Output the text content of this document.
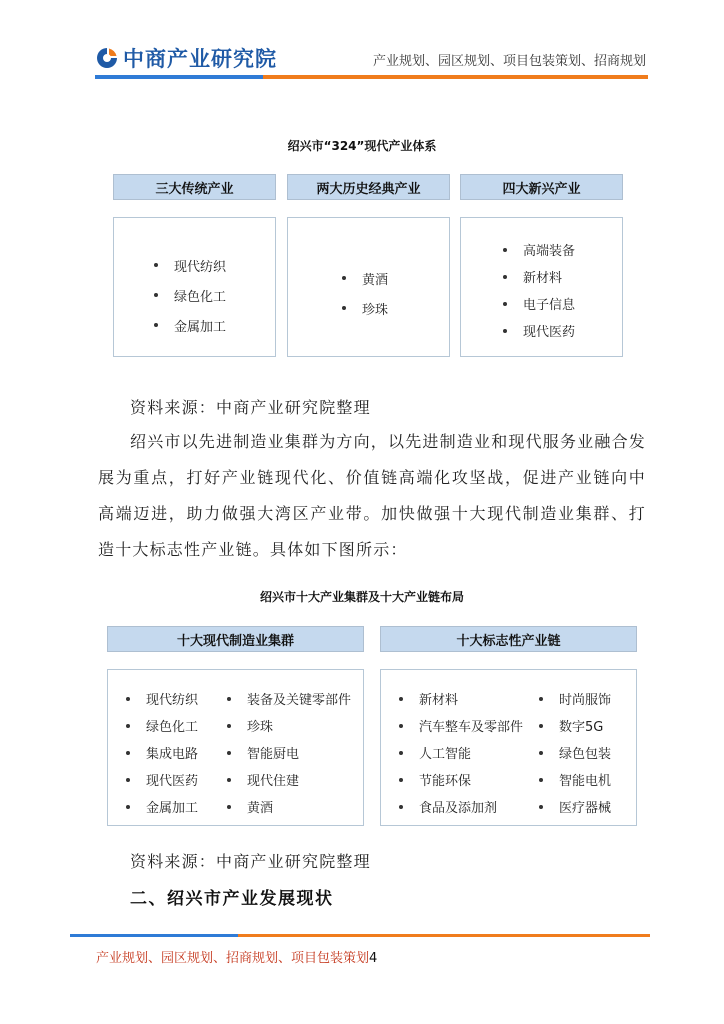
中商产业研究院	产业规划、园区规划、项目包装策划、招商规划
绍兴市“324”现代产业体系
三大传统产业	两大历史经典产业	四大新兴产业
现代纺织
绿色化工
金属加工
黄酒
珍珠
高端装备
新材料
电子信息
现代医药
资料来源：中商产业研究院整理

绍兴市以先进制造业集群为方向，以先进制造业和现代服务业融合发展为重点，打好产业链现代化、价值链高端化攻坚战，促进产业链向中高端迈进，助力做强大湾区产业带。加快做强十大现代制造业集群、打造十大标志性产业链。具体如下图所示：

绍兴市十大产业集群及十大产业链布局
十大现代制造业集群	十大标志性产业链
现代纺织
绿色化工
集成电路
现代医药
金属加工
装备及关键零部件
珍珠
智能厨电
现代住建
黄酒
新材料
汽车整车及零部件
人工智能
节能环保
食品及添加剂
时尚服饰
数字5G
绿色包装
智能电机
医疗器械
资料来源：中商产业研究院整理
二、绍兴市产业发展现状
产业规划、园区规划、招商规划、项目包装策划4
